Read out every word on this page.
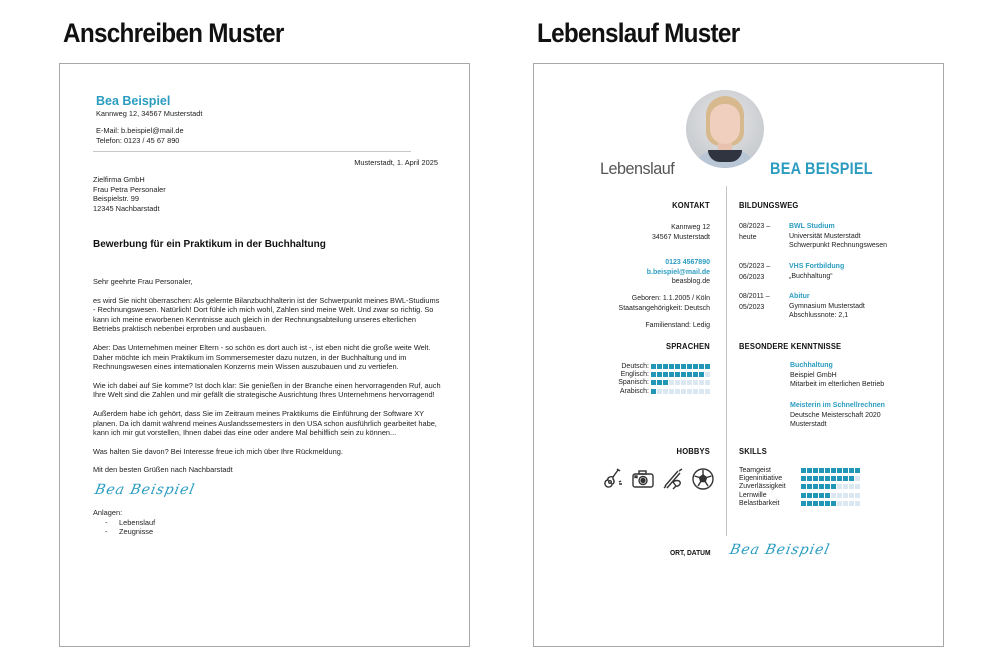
Anschreiben Muster	Lebenslauf Muster
Bea Beispiel
Kannweg 12, 34567 Musterstadt
E-Mail: b.beispiel@mail.de
Telefon: 0123 / 45 67 890
Musterstadt, 1. April 2025
Zielfirma GmbH
Frau Petra Personaler
Beispielstr. 99
12345 Nachbarstadt
Bewerbung für ein Praktikum in der Buchhaltung

Sehr geehrte Frau Personaler,

es wird Sie nicht überraschen: Als gelernte Bilanzbuchhalterin ist der Schwerpunkt meines BWL-Studiums - Rechnungswesen. Natürlich! Dort fühle ich mich wohl, Zahlen sind meine Welt. Und zwar so richtig. So kann ich meine erworbenen Kenntnisse auch gleich in der Rechnungsabteilung unseres elterlichen Betriebs praktisch nebenbei erproben und ausbauen.

Aber: Das Unternehmen meiner Eltern - so schön es dort auch ist -, ist eben nicht die große weite Welt. Daher möchte ich mein Praktikum im Sommersemester dazu nutzen, in der Buchhaltung und im Rechnungswesen eines internationalen Konzerns mein Wissen auszubauen und zu vertiefen.

Wie ich dabei auf Sie komme? Ist doch klar: Sie genießen in der Branche einen hervorragenden Ruf, auch Ihre Welt sind die Zahlen und mir gefällt die strategische Ausrichtung Ihres Unternehmens hervorragend!

Außerdem habe ich gehört, dass Sie im Zeitraum meines Praktikums die Einführung der Software XY planen. Da ich damit während meines Auslandssemesters in den USA schon ausführlich gearbeitet habe, kann ich mir gut vorstellen, Ihnen dabei das eine oder andere Mal behilflich sein zu können...

Was halten Sie davon? Bei Interesse freue ich mich über Ihre Rückmeldung.

Mit den besten Grüßen nach Nachbarstadt

Bea Beispiel
Anlagen:
- Lebenslauf
- Zeugnisse
Lebenslauf	BEA BEISPIEL
KONTAKT
Kannweg 12
34567 Musterstadt
0123 4567890
b.beispiel@mail.de
beasblog.de
Geboren: 1.1.2005 / Köln
Staatsangehörigkeit: Deutsch
Familienstand: Ledig
SPRACHEN
Deutsch:
Englisch:
Spanisch:
Arabisch:
HOBBYS
BILDUNGSWEG
08/2023 –
heute
BWL Studium
Universität Musterstadt
Schwerpunkt Rechnungswesen
05/2023 –
06/2023
VHS Fortbildung
„Buchhaltung“
08/2011 –
05/2023
Abitur
Gymnasium Musterstadt
Abschlussnote: 2,1
BESONDERE KENNTNISSE
Buchhaltung
Beispiel GmbH
Mitarbeit im elterlichen Betrieb
Meisterin im Schnellrechnen
Deutsche Meisterschaft 2020
Musterstadt
SKILLS
Teamgeist
Eigeninitiative
Zuverlässigkeit
Lernwille
Belastbarkeit
ORT, DATUM Bea Beispiel
